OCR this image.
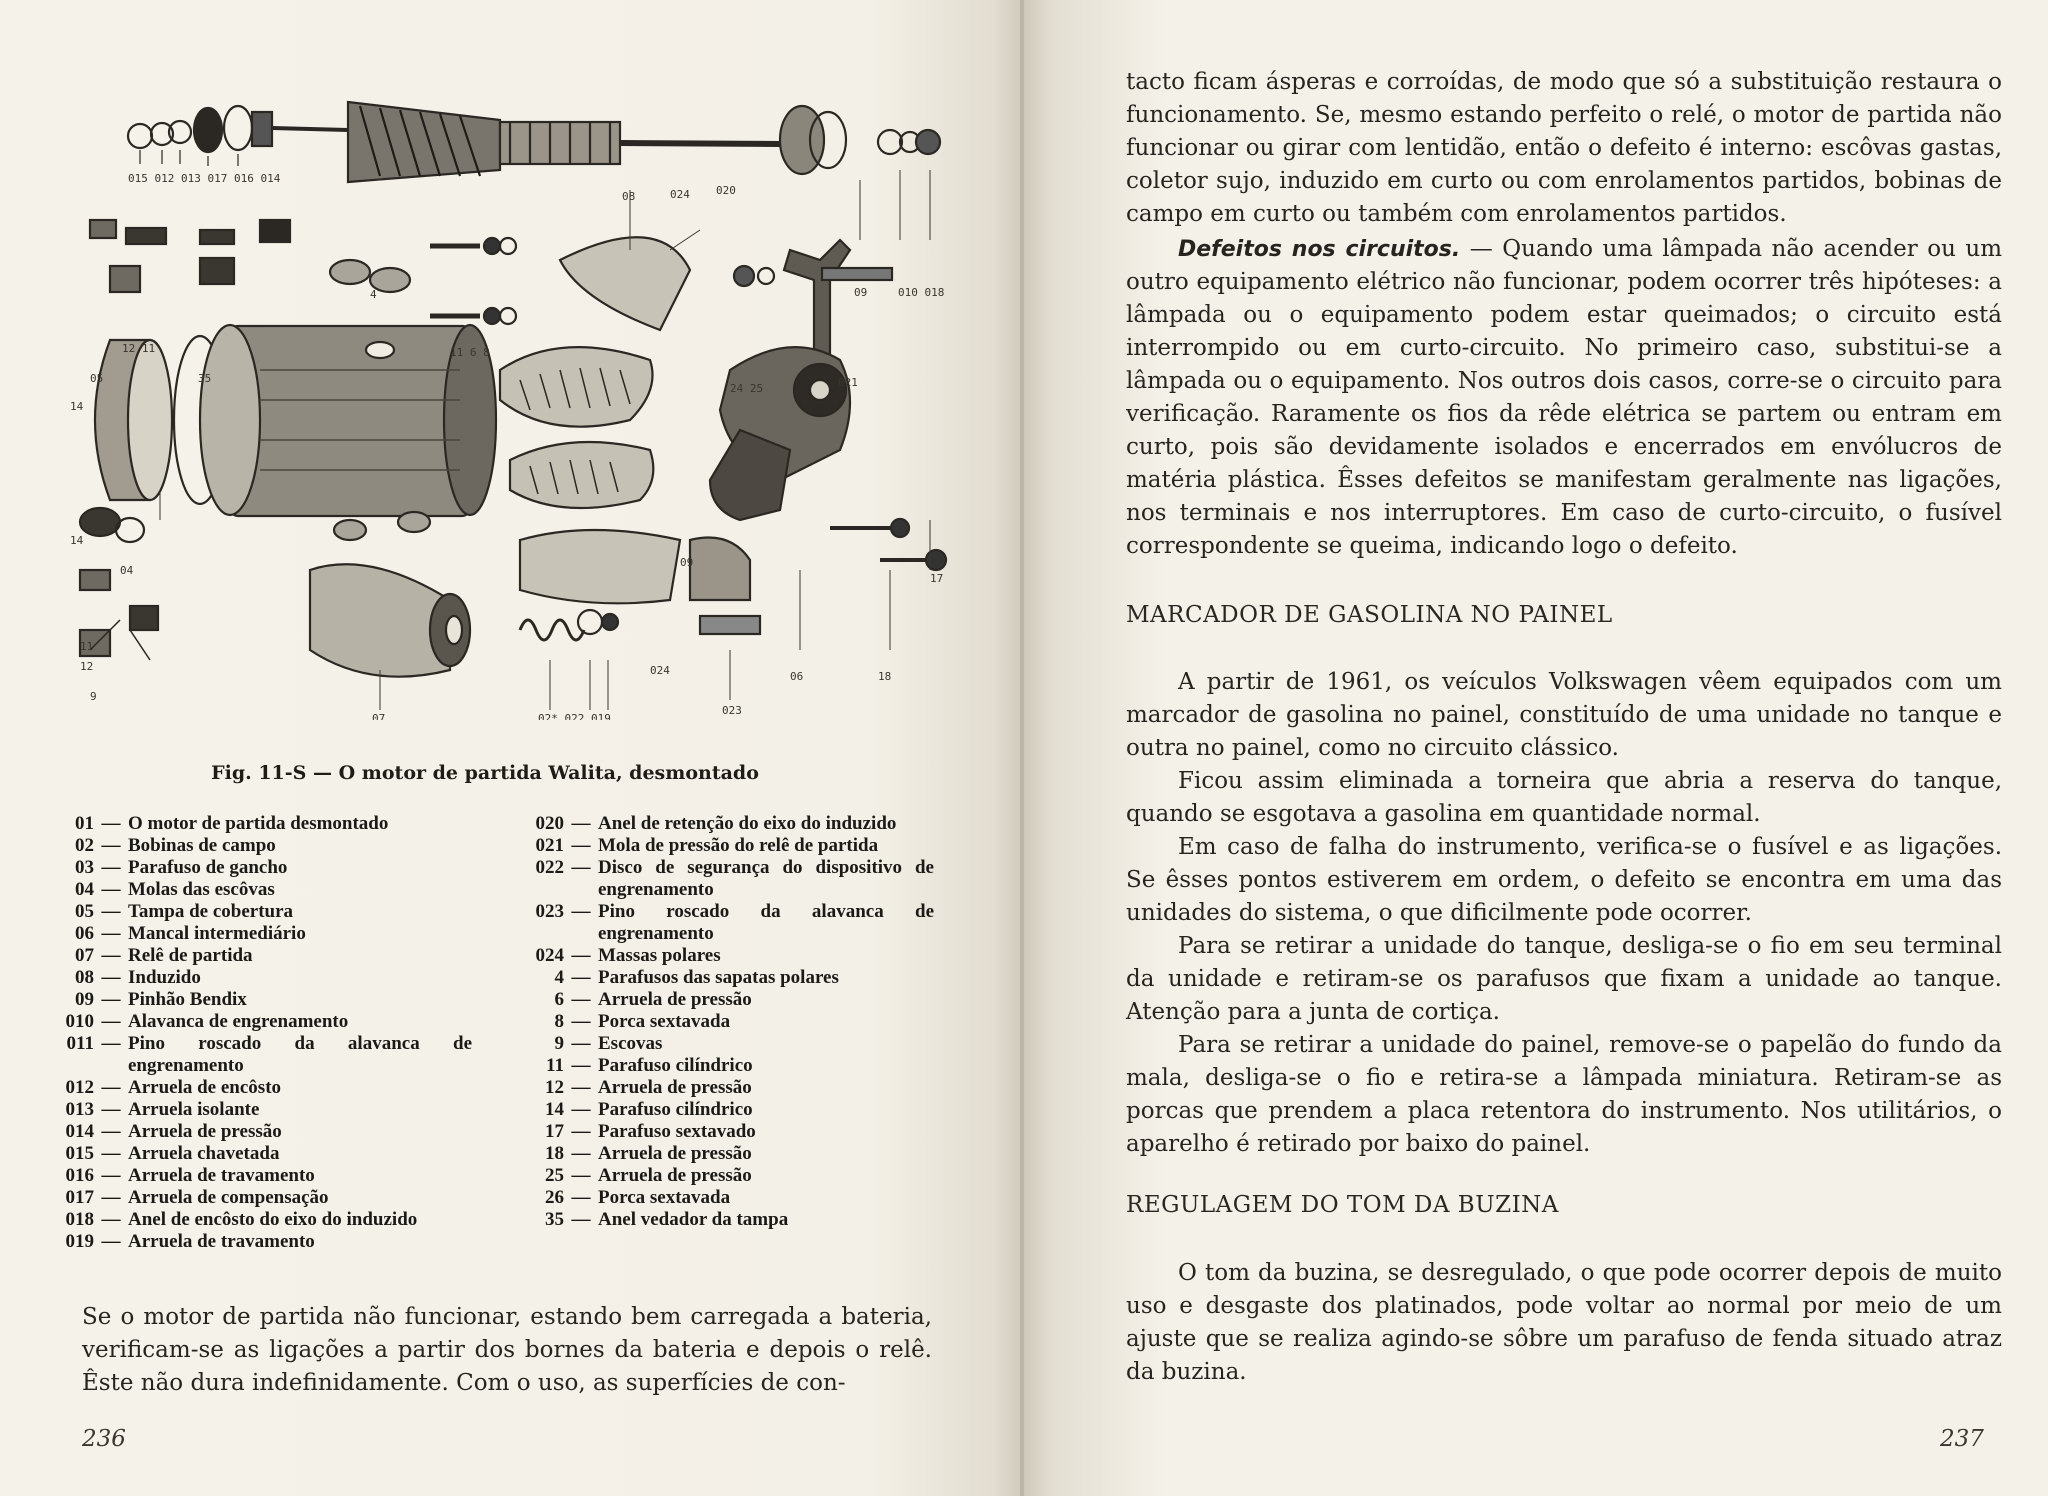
015 012 013 017 016 014
08	024 020
09	010 018
4
11 6 8
12 11
05	35
24 25	021
14
14
04
11
12
9
07	02* 022 019
023
06
17
18
024
09
Fig. 11-S — O motor de partida Walita, desmontado
01 — O motor de partida desmontado
02 — Bobinas de campo
03 — Parafuso de gancho
04 — Molas das escôvas
05 — Tampa de cobertura
06 — Mancal intermediário
07 — Relê de partida
08 — Induzido
09 — Pinhão Bendix
010 — Alavanca de engrenamento
011 — Pino roscado da alavanca de engrenamento
012 — Arruela de encôsto
013 — Arruela isolante
014 — Arruela de pressão
015 — Arruela chavetada
016 — Arruela de travamento
017 — Arruela de compensação
018 — Anel de encôsto do eixo do induzido
019 — Arruela de travamento
020 — Anel de retenção do eixo do induzido
021 — Mola de pressão do relê de partida
022 — Disco de segurança do dispositivo de engrenamento
023 — Pino roscado da alavanca de engrenamento
024 — Massas polares
4 — Parafusos das sapatas polares
6 — Arruela de pressão
8 — Porca sextavada
9 — Escovas
11 — Parafuso cilíndrico
12 — Arruela de pressão
14 — Parafuso cilíndrico
17 — Parafuso sextavado
18 — Arruela de pressão
25 — Arruela de pressão
26 — Porca sextavada
35 — Anel vedador da tampa

Se o motor de partida não funcionar, estando bem carregada a bateria, verificam-se as ligações a partir dos bornes da bateria e depois o relê. Êste não dura indefinidamente. Com o uso, as superfícies de con-

236

tacto ficam ásperas e corroídas, de modo que só a substituição restaura o funcionamento. Se, mesmo estando perfeito o relé, o motor de partida não funcionar ou girar com lentidão, então o defeito é interno: escôvas gastas, coletor sujo, induzido em curto ou com enrolamentos partidos, bobinas de campo em curto ou também com enrolamentos partidos.

Defeitos nos circuitos. — Quando uma lâmpada não acender ou um outro equipamento elétrico não funcionar, podem ocorrer três hipóteses: a lâmpada ou o equipamento podem estar queimados; o circuito está interrompido ou em curto-circuito. No primeiro caso, substitui-se a lâmpada ou o equipamento. Nos outros dois casos, corre-se o circuito para verificação. Raramente os fios da rêde elétrica se partem ou entram em curto, pois são devidamente isolados e encerrados em envólucros de matéria plástica. Êsses defeitos se manifestam geralmente nas ligações, nos terminais e nos interruptores. Em caso de curto-circuito, o fusível correspondente se queima, indicando logo o defeito.

MARCADOR DE GASOLINA NO PAINEL

A partir de 1961, os veículos Volkswagen vêem equipados com um marcador de gasolina no painel, constituído de uma unidade no tanque e outra no painel, como no circuito clássico.

Ficou assim eliminada a torneira que abria a reserva do tanque, quando se esgotava a gasolina em quantidade normal.

Em caso de falha do instrumento, verifica-se o fusível e as ligações. Se êsses pontos estiverem em ordem, o defeito se encontra em uma das unidades do sistema, o que dificilmente pode ocorrer.

Para se retirar a unidade do tanque, desliga-se o fio em seu terminal da unidade e retiram-se os parafusos que fixam a unidade ao tanque. Atenção para a junta de cortiça.

Para se retirar a unidade do painel, remove-se o papelão do fundo da mala, desliga-se o fio e retira-se a lâmpada miniatura. Retiram-se as porcas que prendem a placa retentora do instrumento. Nos utilitários, o aparelho é retirado por baixo do painel.

REGULAGEM DO TOM DA BUZINA

O tom da buzina, se desregulado, o que pode ocorrer depois de muito uso e desgaste dos platinados, pode voltar ao normal por meio de um ajuste que se realiza agindo-se sôbre um parafuso de fenda situado atraz da buzina.

237
